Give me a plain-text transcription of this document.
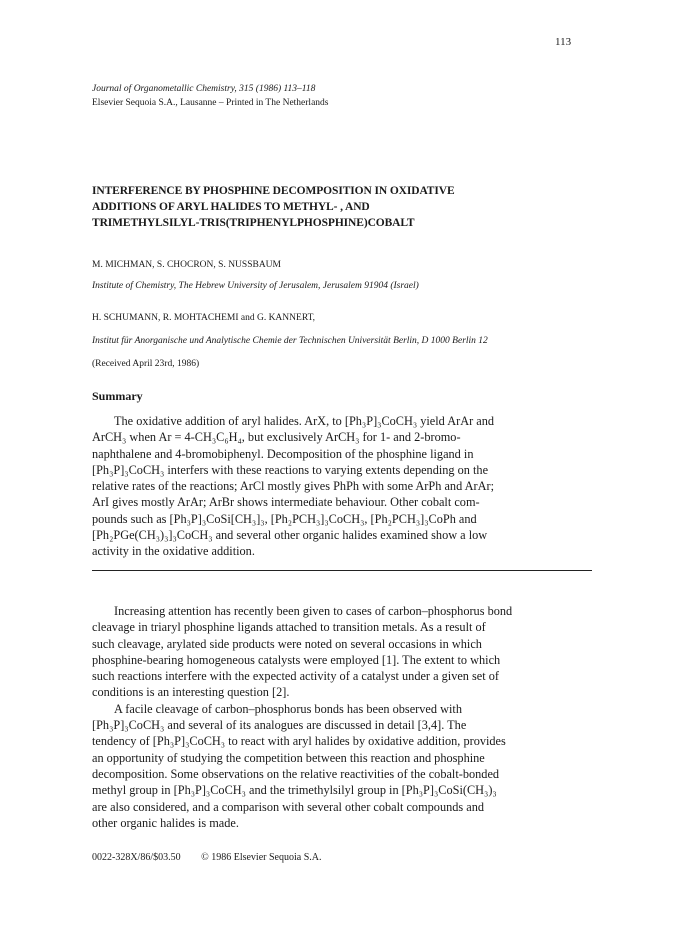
113
Journal of Organometallic Chemistry, 315 (1986) 113–118
Elsevier Sequoia S.A., Lausanne – Printed in The Netherlands
INTERFERENCE BY PHOSPHINE DECOMPOSITION IN OXIDATIVE
ADDITIONS OF ARYL HALIDES TO METHYL- , AND
TRIMETHYLSILYL-TRIS(TRIPHENYLPHOSPHINE)COBALT
M. MICHMAN, S. CHOCRON, S. NUSSBAUM
Institute of Chemistry, The Hebrew University of Jerusalem, Jerusalem 91904 (Israel)
H. SCHUMANN, R. MOHTACHEMI and G. KANNERT,
Institut für Anorganische und Analytische Chemie der Technischen Universität Berlin, D 1000 Berlin 12
(Received April 23rd, 1986)
Summary
The oxidative addition of aryl halides. ArX, to [Ph₃P]₃CoCH₃ yield ArAr and
ArCH₃ when Ar = 4-CH₃C₆H₄, but exclusively ArCH₃ for 1- and 2-bromo-
naphthalene and 4-bromobiphenyl. Decomposition of the phosphine ligand in
[Ph₃P]₃CoCH₃ interfers with these reactions to varying extents depending on the
relative rates of the reactions; ArCl mostly gives PhPh with some ArPh and ArAr;
ArI gives mostly ArAr; ArBr shows intermediate behaviour. Other cobalt com-
pounds such as [Ph₃P]₃CoSi[CH₃]₃, [Ph₂PCH₃]₃CoCH₃, [Ph₂PCH₃]₃CoPh and
[Ph₂PGe(CH₃)₃]₃CoCH₃ and several other organic halides examined show a low
activity in the oxidative addition.
Increasing attention has recently been given to cases of carbon–phosphorus bond
cleavage in triaryl phosphine ligands attached to transition metals. As a result of
such cleavage, arylated side products were noted on several occasions in which
phosphine-bearing homogeneous catalysts were employed [1]. The extent to which
such reactions interfere with the expected activity of a catalyst under a given set of
conditions is an interesting question [2].
A facile cleavage of carbon–phosphorus bonds has been observed with
[Ph₃P]₃CoCH₃ and several of its analogues are discussed in detail [3,4]. The
tendency of [Ph₃P]₃CoCH₃ to react with aryl halides by oxidative addition, provides
an opportunity of studying the competition between this reaction and phosphine
decomposition. Some observations on the relative reactivities of the cobalt-bonded
methyl group in [Ph₃P]₃CoCH₃ and the trimethylsilyl group in [Ph₃P]₃CoSi(CH₃)₃
are also considered, and a comparison with several other cobalt compounds and
other organic halides is made.
0022-328X/86/$03.50 © 1986 Elsevier Sequoia S.A.
